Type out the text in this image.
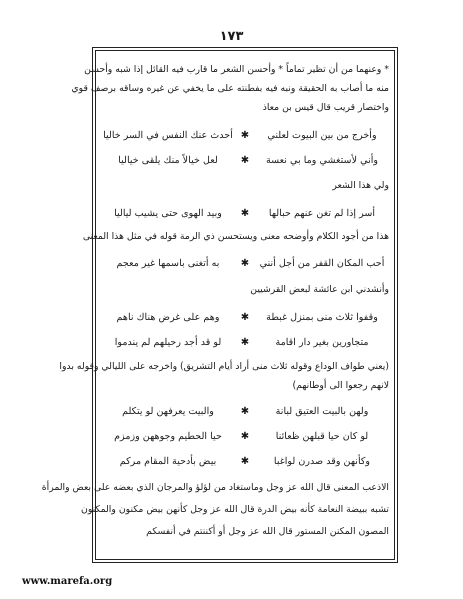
١٧٣
* وعنهما من أن تظير تماماً * وأحسن الشعر ما قارب فيه القائل إذا شبه وأحسن
منه ما أصاب به الحقيقة ونبه فيه بفطنته على ما يخفي عن غيره وساقه برصف قوي
واختصار قريب قال قيس بن معاذ
وأخرج من بين البيوت لعلني
✱
أحدث عنك النفس في السر خاليا
وأني لأستغشي وما بي نعسة
✱
لعل خيالاً منك يلقى خياليا
ولي هذا الشعر
أسر إذا لم تغن عنهم حبالها
✱
وبيد الهوى حتى يشيب لياليا
هذا من أجود الكلام وأوضحه معنى ويستحسن ذي الرمة قوله في مثل هذا المعنى
أحب المكان القفر من أجل أنني
✱
به أتغنى باسمها غير معجم
وأنشدني ابن عائشة لبعض القرشيين
وقفوا ثلاث منى بمنزل غبطة
✱
وهم على غرض هناك ناهم
متجاورين بغير دار اقامة
✱
لو قد أجد رحيلهم لم يندموا
(يعني طواف الوداع وقوله ثلاث منى أراد أيام التشريق) واخرجه على الليالي وقوله بدوا
لانهم رجعوا الى أوطانهم)
ولهن بالبيت العتيق لبانة
✱
والبيت يعرفهن لو يتكلم
لو كان حيا قبلهن ظعائنا
✱
حيا الحطيم وجوههن وزمزم
وكأنهن وقد صدرن لواغبا
✱
بيض بأدحية المقام مركم
الاذعب المعنى قال الله عز وجل وماستغاد من لؤلؤ والمرجان الذي بعضه على بعض والمرأة
تشبه ببيضة النعامة كأنه بيض الدرة قال الله عز وجل كأنهن بيض مكنون والمكنون
المصون المكنن المستور قال الله عز وجل أو أكننتم في أنفسكم
www.marefa.org
